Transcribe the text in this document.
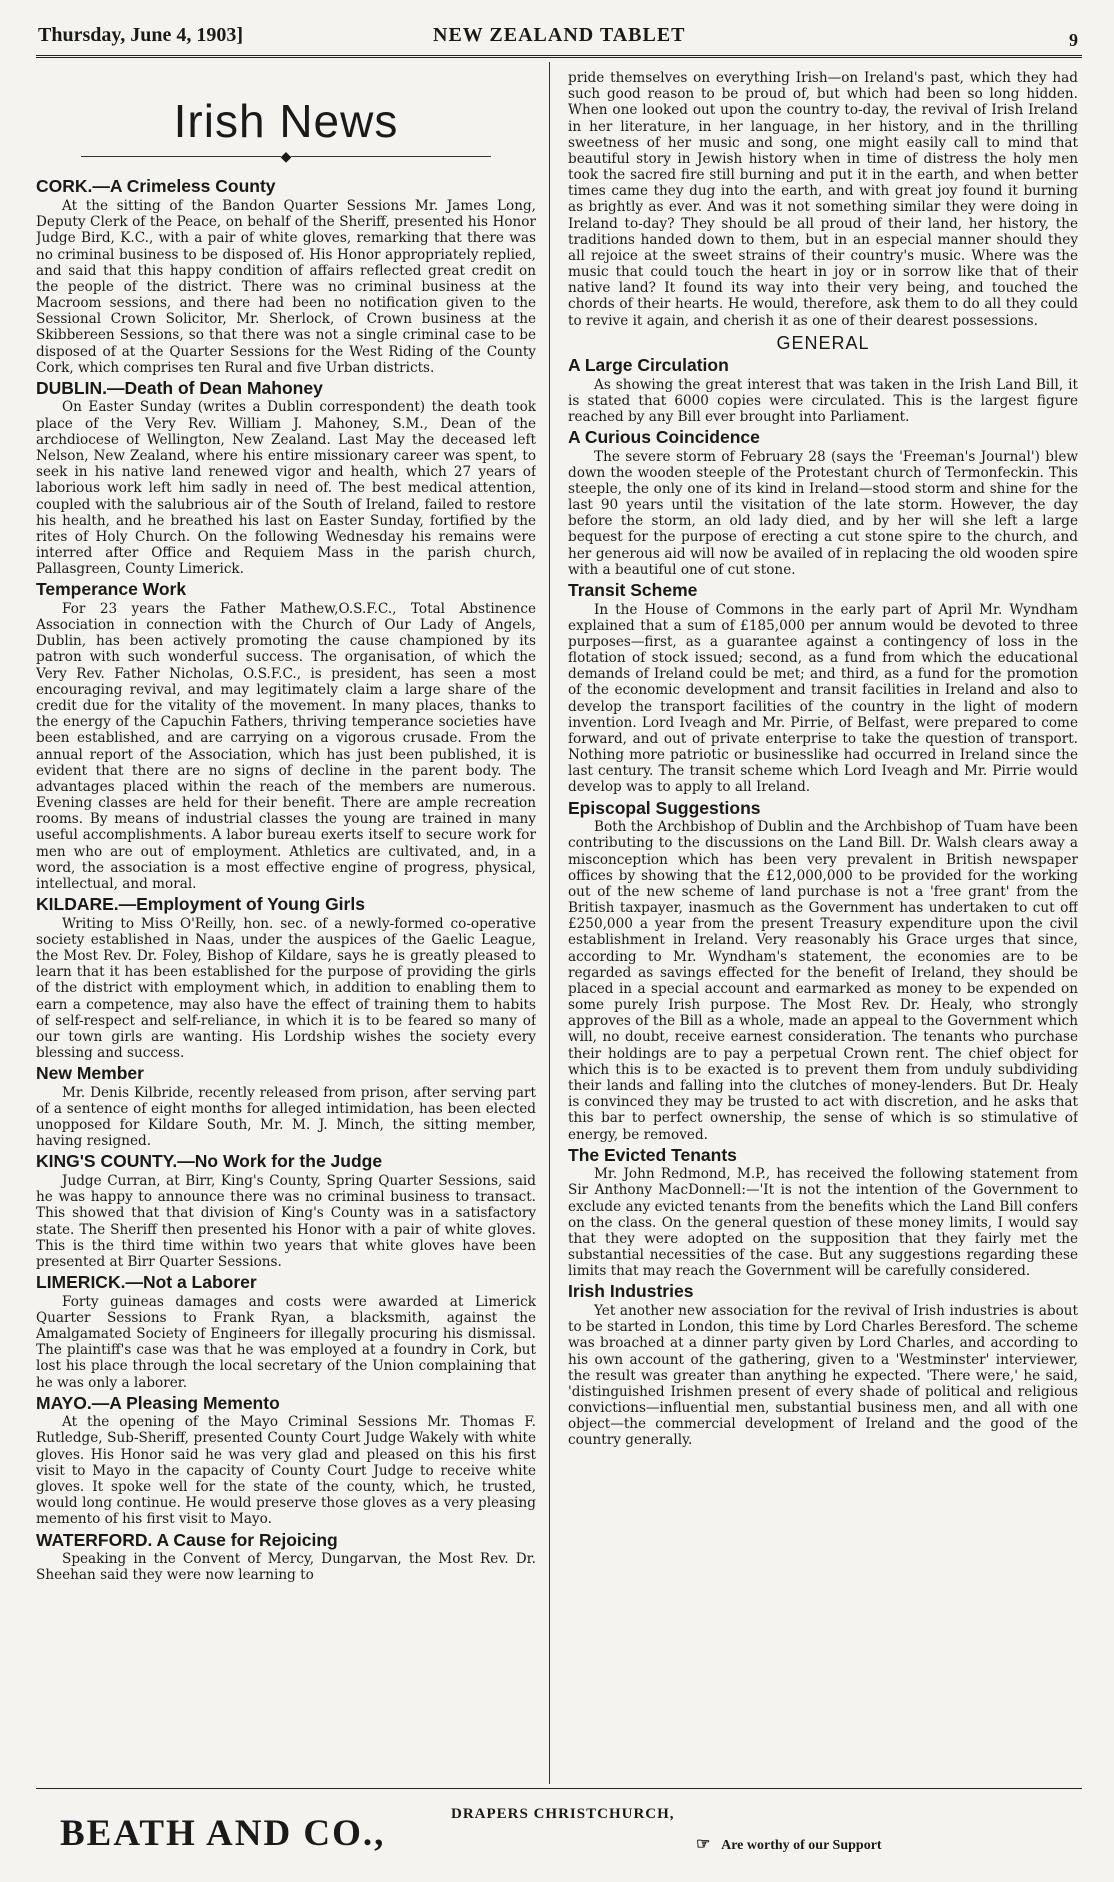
Thursday, June 4, 1903]	NEW ZEALAND TABLET	9
Irish News
◆
CORK.—A Crimeless County

At the sitting of the Bandon Quarter Sessions Mr. James Long, Deputy Clerk of the Peace, on behalf of the Sheriff, presented his Honor Judge Bird, K.C., with a pair of white gloves, remarking that there was no criminal business to be disposed of. His Honor appropriately replied, and said that this happy condition of affairs reflected great credit on the people of the district. There was no criminal business at the Macroom sessions, and there had been no notification given to the Sessional Crown Solicitor, Mr. Sherlock, of Crown business at the Skibbereen Sessions, so that there was not a single criminal case to be disposed of at the Quarter Sessions for the West Riding of the County Cork, which comprises ten Rural and five Urban districts.

DUBLIN.—Death of Dean Mahoney

On Easter Sunday (writes a Dublin correspondent) the death took place of the Very Rev. William J. Mahoney, S.M., Dean of the archdiocese of Wellington, New Zealand. Last May the deceased left Nelson, New Zealand, where his entire missionary career was spent, to seek in his native land renewed vigor and health, which 27 years of laborious work left him sadly in need of. The best medical attention, coupled with the salubrious air of the South of Ireland, failed to restore his health, and he breathed his last on Easter Sunday, fortified by the rites of Holy Church. On the following Wednesday his remains were interred after Office and Requiem Mass in the parish church, Pallasgreen, County Limerick.

Temperance Work

For 23 years the Father Mathew,O.S.F.C., Total Abstinence Association in connection with the Church of Our Lady of Angels, Dublin, has been actively promoting the cause championed by its patron with such wonderful success. The organisation, of which the Very Rev. Father Nicholas, O.S.F.C., is president, has seen a most encouraging revival, and may legitimately claim a large share of the credit due for the vitality of the movement. In many places, thanks to the energy of the Capuchin Fathers, thriving temperance societies have been established, and are carrying on a vigorous crusade. From the annual report of the Association, which has just been published, it is evident that there are no signs of decline in the parent body. The advantages placed within the reach of the members are numerous. Evening classes are held for their benefit. There are ample recreation rooms. By means of industrial classes the young are trained in many useful accomplishments. A labor bureau exerts itself to secure work for men who are out of employment. Athletics are cultivated, and, in a word, the association is a most effective engine of progress, physical, intellectual, and moral.

KILDARE.—Employment of Young Girls

Writing to Miss O'Reilly, hon. sec. of a newly-formed co-operative society established in Naas, under the auspices of the Gaelic League, the Most Rev. Dr. Foley, Bishop of Kildare, says he is greatly pleased to learn that it has been established for the purpose of providing the girls of the district with employment which, in addition to enabling them to earn a competence, may also have the effect of training them to habits of self-respect and self-reliance, in which it is to be feared so many of our town girls are wanting. His Lordship wishes the society every blessing and success.

New Member

Mr. Denis Kilbride, recently released from prison, after serving part of a sentence of eight months for alleged intimidation, has been elected unopposed for Kildare South, Mr. M. J. Minch, the sitting member, having resigned.

KING'S COUNTY.—No Work for the Judge

Judge Curran, at Birr, King's County, Spring Quarter Sessions, said he was happy to announce there was no criminal business to transact. This showed that that division of King's County was in a satisfactory state. The Sheriff then presented his Honor with a pair of white gloves. This is the third time within two years that white gloves have been presented at Birr Quarter Sessions.

LIMERICK.—Not a Laborer

Forty guineas damages and costs were awarded at Limerick Quarter Sessions to Frank Ryan, a blacksmith, against the Amalgamated Society of Engineers for illegally procuring his dismissal. The plaintiff's case was that he was employed at a foundry in Cork, but lost his place through the local secretary of the Union complaining that he was only a laborer.

MAYO.—A Pleasing Memento

At the opening of the Mayo Criminal Sessions Mr. Thomas F. Rutledge, Sub-Sheriff, presented County Court Judge Wakely with white gloves. His Honor said he was very glad and pleased on this his first visit to Mayo in the capacity of County Court Judge to receive white gloves. It spoke well for the state of the county, which, he trusted, would long continue. He would preserve those gloves as a very pleasing memento of his first visit to Mayo.

WATERFORD. A Cause for Rejoicing

Speaking in the Convent of Mercy, Dungarvan, the Most Rev. Dr. Sheehan said they were now learning to

pride themselves on everything Irish—on Ireland's past, which they had such good reason to be proud of, but which had been so long hidden. When one looked out upon the country to-day, the revival of Irish Ireland in her literature, in her language, in her history, and in the thrilling sweetness of her music and song, one might easily call to mind that beautiful story in Jewish history when in time of distress the holy men took the sacred fire still burning and put it in the earth, and when better times came they dug into the earth, and with great joy found it burning as brightly as ever. And was it not something similar they were doing in Ireland to-day? They should be all proud of their land, her history, the traditions handed down to them, but in an especial manner should they all rejoice at the sweet strains of their country's music. Where was the music that could touch the heart in joy or in sorrow like that of their native land? It found its way into their very being, and touched the chords of their hearts. He would, therefore, ask them to do all they could to revive it again, and cherish it as one of their dearest possessions.

GENERAL
A Large Circulation

As showing the great interest that was taken in the Irish Land Bill, it is stated that 6000 copies were circulated. This is the largest figure reached by any Bill ever brought into Parliament.

A Curious Coincidence

The severe storm of February 28 (says the 'Freeman's Journal') blew down the wooden steeple of the Protestant church of Termonfeckin. This steeple, the only one of its kind in Ireland—stood storm and shine for the last 90 years until the visitation of the late storm. However, the day before the storm, an old lady died, and by her will she left a large bequest for the purpose of erecting a cut stone spire to the church, and her generous aid will now be availed of in replacing the old wooden spire with a beautiful one of cut stone.

Transit Scheme

In the House of Commons in the early part of April Mr. Wyndham explained that a sum of £185,000 per annum would be devoted to three purposes—first, as a guarantee against a contingency of loss in the flotation of stock issued; second, as a fund from which the educational demands of Ireland could be met; and third, as a fund for the promotion of the economic development and transit facilities in Ireland and also to develop the transport facilities of the country in the light of modern invention. Lord Iveagh and Mr. Pirrie, of Belfast, were prepared to come forward, and out of private enterprise to take the question of transport. Nothing more patriotic or businesslike had occurred in Ireland since the last century. The transit scheme which Lord Iveagh and Mr. Pirrie would develop was to apply to all Ireland.

Episcopal Suggestions

Both the Archbishop of Dublin and the Archbishop of Tuam have been contributing to the discussions on the Land Bill. Dr. Walsh clears away a misconception which has been very prevalent in British newspaper offices by showing that the £12,000,000 to be provided for the working out of the new scheme of land purchase is not a 'free grant' from the British taxpayer, inasmuch as the Government has undertaken to cut off £250,000 a year from the present Treasury expenditure upon the civil establishment in Ireland. Very reasonably his Grace urges that since, according to Mr. Wyndham's statement, the economies are to be regarded as savings effected for the benefit of Ireland, they should be placed in a special account and earmarked as money to be expended on some purely Irish purpose. The Most Rev. Dr. Healy, who strongly approves of the Bill as a whole, made an appeal to the Government which will, no doubt, receive earnest consideration. The tenants who purchase their holdings are to pay a perpetual Crown rent. The chief object for which this is to be exacted is to prevent them from unduly subdividing their lands and falling into the clutches of money-lenders. But Dr. Healy is convinced they may be trusted to act with discretion, and he asks that this bar to perfect ownership, the sense of which is so stimulative of energy, be removed.

The Evicted Tenants

Mr. John Redmond, M.P., has received the following statement from Sir Anthony MacDonnell:—'It is not the intention of the Government to exclude any evicted tenants from the benefits which the Land Bill confers on the class. On the general question of these money limits, I would say that they were adopted on the supposition that they fairly met the substantial necessities of the case. But any suggestions regarding these limits that may reach the Government will be carefully considered.

Irish Industries

Yet another new association for the revival of Irish industries is about to be started in London, this time by Lord Charles Beresford. The scheme was broached at a dinner party given by Lord Charles, and according to his own account of the gathering, given to a 'Westminster' interviewer, the result was greater than anything he expected. 'There were,' he said, 'distinguished Irishmen present of every shade of political and religious convictions—influential men, substantial business men, and all with one object—the commercial development of Ireland and the good of the country generally.

BEATH AND CO.,	DRAPERS CHRISTCHURCH,
☞ Are worthy of our Support
